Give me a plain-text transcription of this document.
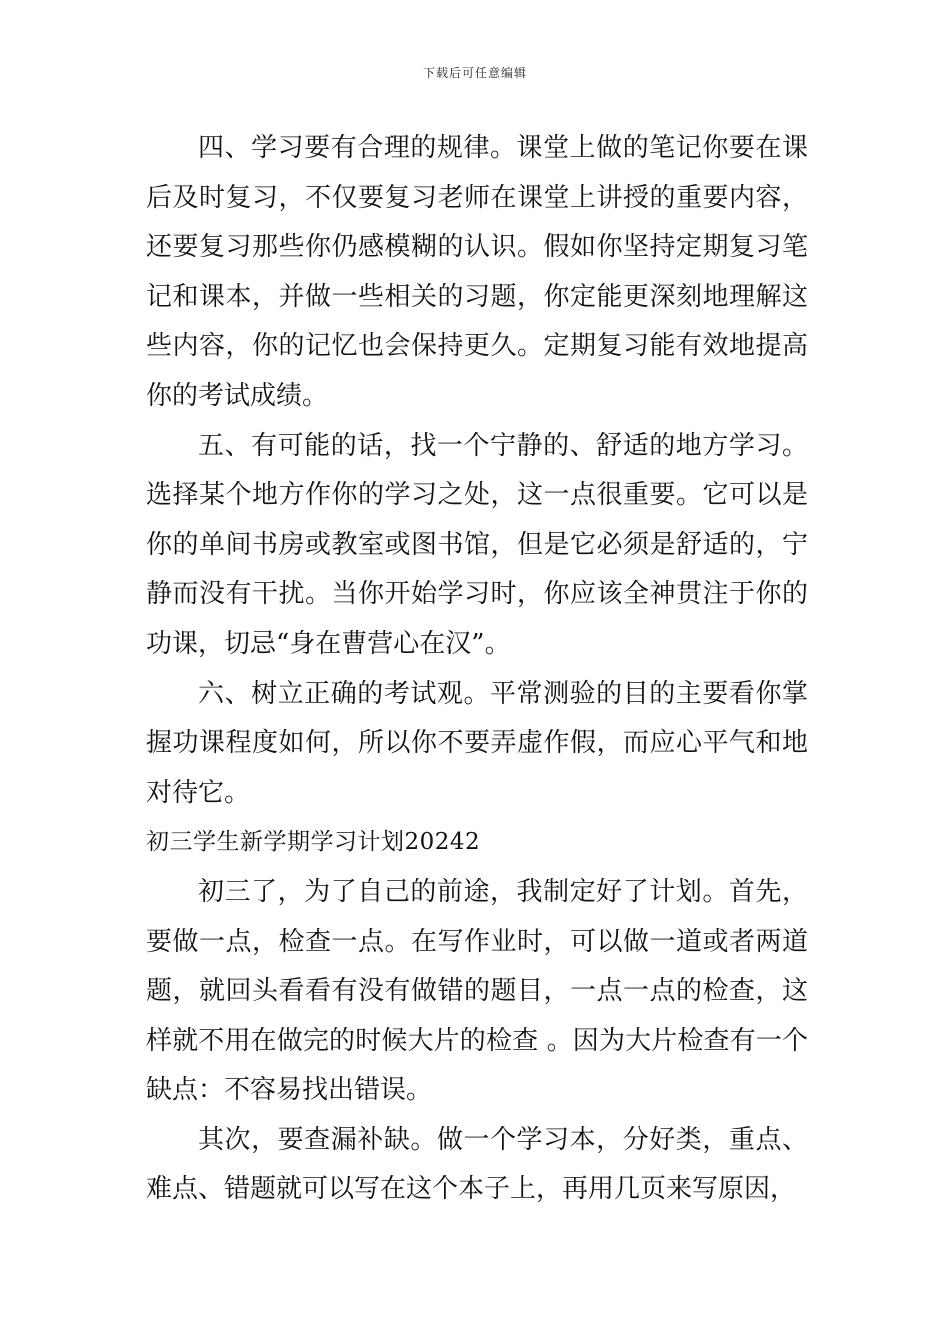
下载后可任意编辑

四、学习要有合理的规律。课堂上做的笔记你要在课后及时复习，不仅要复习老师在课堂上讲授的重要内容，还要复习那些你仍感模糊的认识。假如你坚持定期复习笔记和课本，并做一些相关的习题，你定能更深刻地理解这些内容，你的记忆也会保持更久。定期复习能有效地提高你的考试成绩。

五、有可能的话，找一个宁静的、舒适的地方学习。选择某个地方作你的学习之处，这一点很重要。它可以是你的单间书房或教室或图书馆，但是它必须是舒适的，宁静而没有干扰。当你开始学习时，你应该全神贯注于你的功课，切忌“身在曹营心在汉”。

六、树立正确的考试观。平常测验的目的主要看你掌握功课程度如何，所以你不要弄虚作假，而应心平气和地对待它。

初三学生新学期学习计划20242

初三了，为了自己的前途，我制定好了计划。首先，要做一点，检查一点。在写作业时，可以做一道或者两道题，就回头看看有没有做错的题目，一点一点的检查，这样就不用在做完的时候大片的检查 。因为大片检查有一个缺点：不容易找出错误。

其次，要查漏补缺。做一个学习本，分好类，重点、难点、错题就可以写在这个本子上，再用几页来写原因，
